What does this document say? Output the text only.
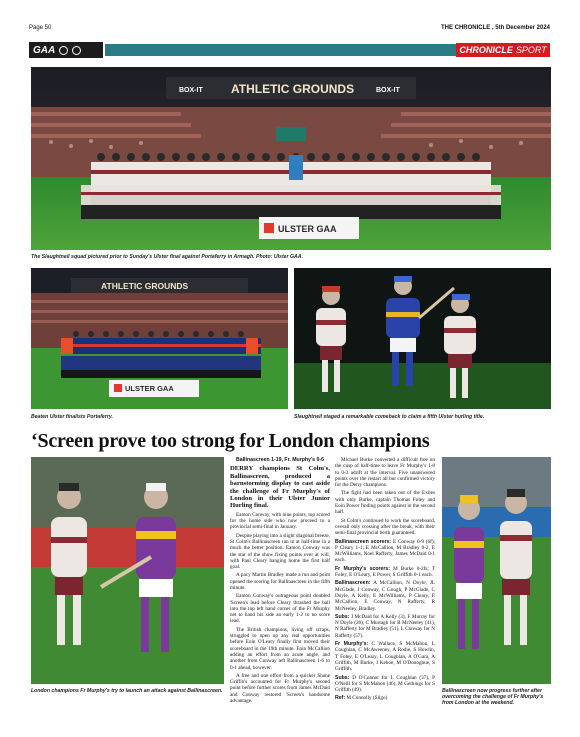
Page 50	THE CHRONICLE , 5th December 2024
GAA	CHRONICLE SPORT
BOX-IT ATHLETIC GROUNDS	BOX-IT
ULSTER GAA
The Slaughtneil squad pictured prior to Sunday's Ulster final against Portaferry in Armagh. Photo: Ulster GAA.
ATHLETIC GROUNDS
ULSTER GAA
Beaten Ulster finalists Portaferry.	Slaughtneil staged a remarkable comeback to claim a fifth Ulster hurling title.
‘Screen prove too strong for London champions
London champions Fr Murphy's try to launch an attack against Ballinascreen.

Ballinascreen 1-19, Fr. Murphy's 0-6

DERRY champions St Colm's, Ballinascreen, produced a barnstorming display to cast aside the challenge of Fr Murphy's of London in their Ulster Junior Hurling final.

Eamon Conway, with nine points, top scored for the home side who now proceed to a provincial semi-final in January.

Despite playing into a slight diagonal breeze, St Colm's Ballinascreen ran in at half-time in a much the better position. Eamon Conway was the star of the show fixing points over at will, with Paul Cleary banging home the first half goal.

A pacy Martin Bradley made a run and point opened the scoring for Ballinascreen in the fifth minute.

Eamon Conway's outrageous point doubled 'Screen's lead before Cleary thrashed the ball into the top left hand corner of the Fr Murphy net to hand his side an early 1-2 to no score lead.

The British champions, living off scraps, struggled to open up any real opportunities before Eoin O'Leary finally first moved their scoreboard in the 19th minute. Eoin McCallion adding an effort from an acute angle, and another from Conway left Ballinascreen 1-6 to 0-1 ahead, however.

A free and one effort from a quicker Shane Griffin's accounted for Fr Murphy's second point before further scores from James McDaid and Conway restored 'Screen's handsome advantage.

Michael Burke converted a difficult free on the cusp of half-time to leave Fr Murphy's 1-8 to 0-3 adrift at the interval. Five unanswered points over the restart all but confirmed victory for the Derry champions.

The fight had been taken out of the Exiles with only Burke, captain Thomas Foley and Eoin Power finding points against in the second half.

St Colm's continued to work the scoreboard, overall only crossing after the break, with their semi-final provincial berth guaranteed.

Ballinascreen scorers: E Conway 0-9 (6f); P Cleary 1-1; E McCallion, M Bradley 0-2, E McWilliams, Noel Rafferty, James McDaid 0-1 each.

Fr Murphy's scorers: M Burke 0-2fs; T Foley, E O'Leary, E Power, S Griffith 0-1 each.

Ballinascreen: A McCallion, N Doyle, JL McGlade, J Conway, C Gough, P McGlade, C Doyle, A Kelly, E McWilliams, P Cleary, E McCallion, E Conway, N Rafferty, R McNeeley, Bradley.

Subs: J McDaid for A Kelly (3), F Murray for N Doyle (26), C Murtagh for R McNeeley (41), N Rafferty for M Bradley (51), L Conway for N Rafferty (57).

Fr Murphy's: C Wallace, S McMahon, L Coughlan, C McAweeney, A Rodie, S Howlin, T Foley, E O'Leary, L Coughlan, A O'Gara, A Griffith, M Burke, J Kehoe, M O'Donoghue, S Griffith.

Subs: D O'Connor for L Coughlan (37), P O'Neill for S McMahon (46), M Gethings for S Griffith (49).

Ref: M Connolly (Sligo)

Ballinascreen now progress further after overcoming the challenge of Fr Murphy's from London at the weekend.
